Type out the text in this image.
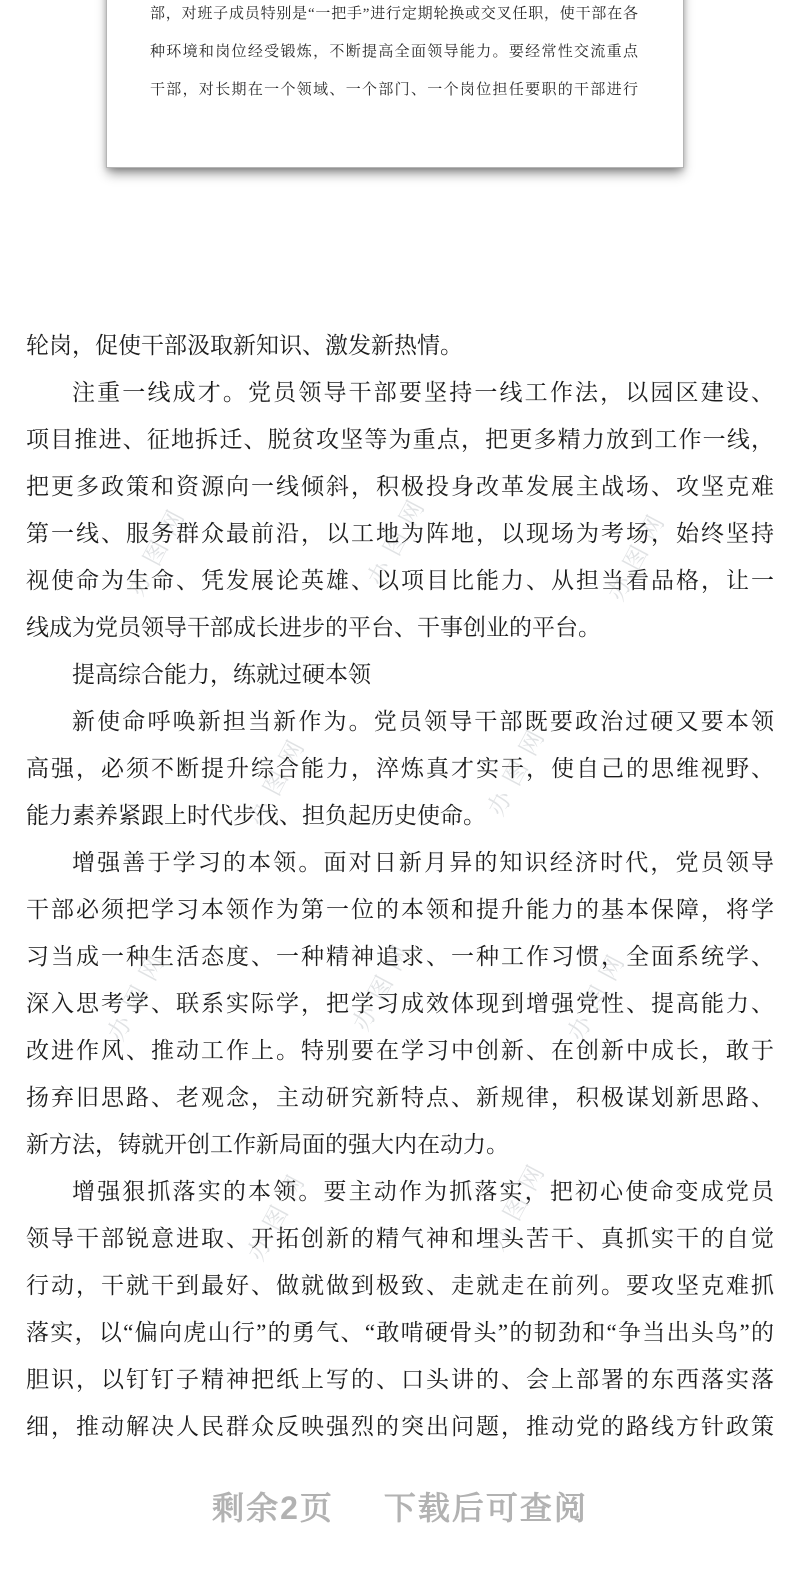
办图网	办图网	办图网
办图网	办图网
办图网	办图网	办图网
办图网	办图网
部，对班子成员特别是“一把手”进行定期轮换或交叉任职，使干部在各
种环境和岗位经受锻炼，不断提高全面领导能力。要经常性交流重点
干部，对长期在一个领域、一个部门、一个岗位担任要职的干部进行
轮岗，促使干部汲取新知识、激发新热情。
注重一线成才。党员领导干部要坚持一线工作法，以园区建设、
项目推进、征地拆迁、脱贫攻坚等为重点，把更多精力放到工作一线，
把更多政策和资源向一线倾斜，积极投身改革发展主战场、攻坚克难
第一线、服务群众最前沿，以工地为阵地，以现场为考场，始终坚持
视使命为生命、凭发展论英雄、以项目比能力、从担当看品格，让一
线成为党员领导干部成长进步的平台、干事创业的平台。
提高综合能力，练就过硬本领
新使命呼唤新担当新作为。党员领导干部既要政治过硬又要本领
高强，必须不断提升综合能力，淬炼真才实干，使自己的思维视野、
能力素养紧跟上时代步伐、担负起历史使命。
增强善于学习的本领。面对日新月异的知识经济时代，党员领导
干部必须把学习本领作为第一位的本领和提升能力的基本保障，将学
习当成一种生活态度、一种精神追求、一种工作习惯，全面系统学、
深入思考学、联系实际学，把学习成效体现到增强党性、提高能力、
改进作风、推动工作上。特别要在学习中创新、在创新中成长，敢于
扬弃旧思路、老观念，主动研究新特点、新规律，积极谋划新思路、
新方法，铸就开创工作新局面的强大内在动力。
增强狠抓落实的本领。要主动作为抓落实，把初心使命变成党员
领导干部锐意进取、开拓创新的精气神和埋头苦干、真抓实干的自觉
行动，干就干到最好、做就做到极致、走就走在前列。要攻坚克难抓
落实，以“偏向虎山行”的勇气、“敢啃硬骨头”的韧劲和“争当出头鸟”的
胆识，以钉钉子精神把纸上写的、口头讲的、会上部署的东西落实落
细，推动解决人民群众反映强烈的突出问题，推动党的路线方针政策
剩余2页 下载后可查阅
